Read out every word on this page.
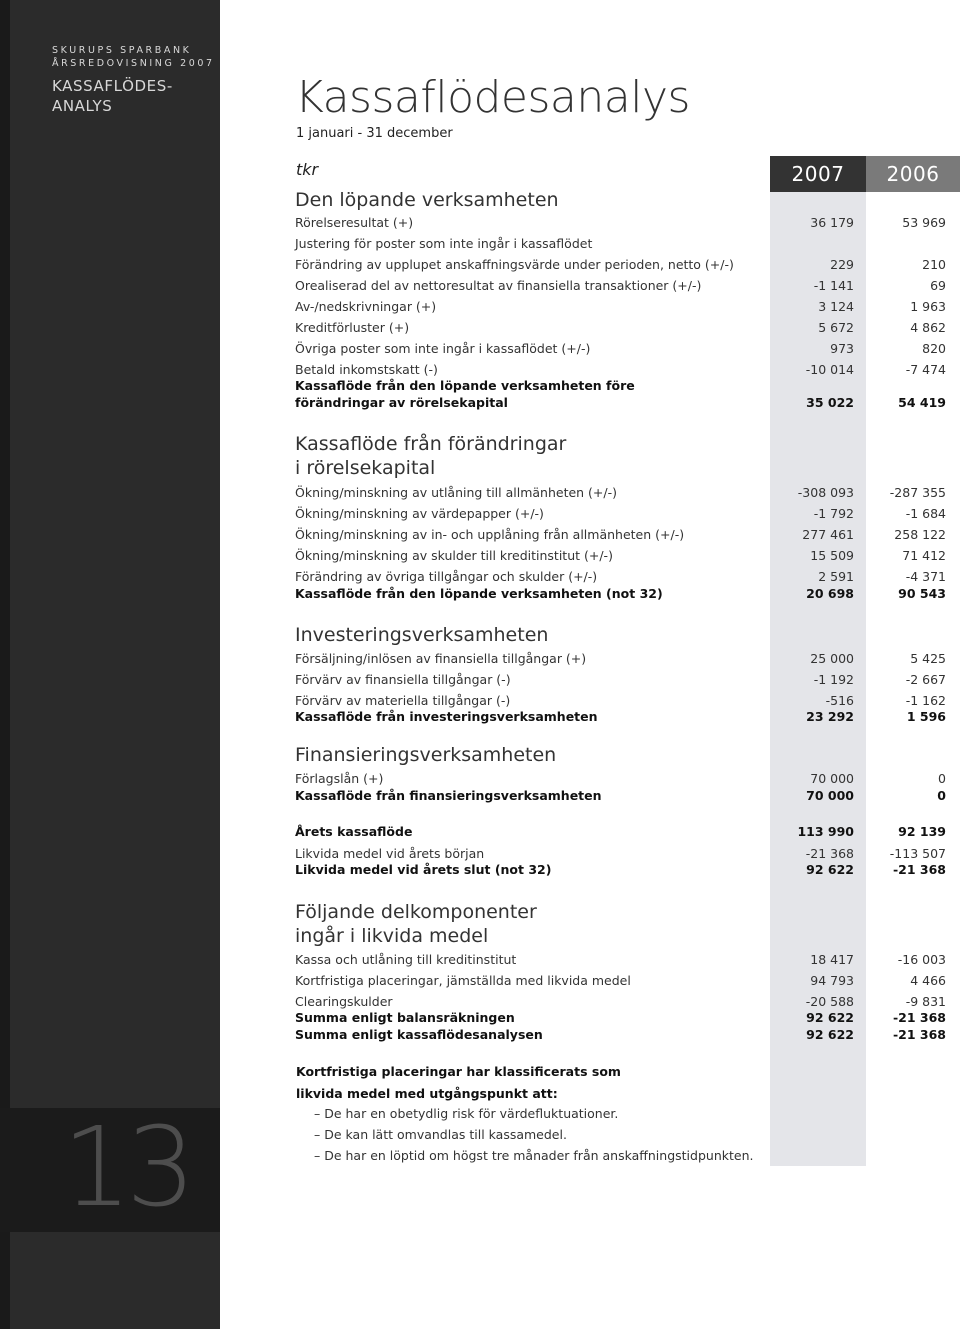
SKURUPS SPARBANK
ÅRSREDOVISNING 2007
KASSAFLÖDES-
ANALYS
13
2007	2006
Kassaflödesanalys
1 januari - 31 december
tkr
Den löpande verksamheten
Rörelseresultat (+)	36 179	53 969
Justering för poster som inte ingår i kassaflödet
Förändring av upplupet anskaffningsvärde under perioden, netto (+/-)	229	210
Orealiserad del av nettoresultat av finansiella transaktioner (+/-)	-1 141	69
Av-/nedskrivningar (+)	3 124	1 963
Kreditförluster (+)	5 672	4 862
Övriga poster som inte ingår i kassaflödet (+/-)	973	820
Betald inkomstskatt (-)	-10 014	-7 474
Kassaflöde från den löpande verksamheten före
förändringar av rörelsekapital	35 022	54 419
Kassaflöde från förändringar
i rörelsekapital
Ökning/minskning av utlåning till allmänheten (+/-)	-308 093	-287 355
Ökning/minskning av värdepapper (+/-)	-1 792	-1 684
Ökning/minskning av in- och upplåning från allmänheten (+/-)	277 461	258 122
Ökning/minskning av skulder till kreditinstitut (+/-)	15 509	71 412
Förändring av övriga tillgångar och skulder (+/-)	2 591	-4 371
Kassaflöde från den löpande verksamheten (not 32)	20 698	90 543
Investeringsverksamheten
Försäljning/inlösen av finansiella tillgångar (+)	25 000	5 425
Förvärv av finansiella tillgångar (-)	-1 192	-2 667
Förvärv av materiella tillgångar (-)	-516	-1 162
Kassaflöde från investeringsverksamheten	23 292	1 596
Finansieringsverksamheten
Förlagslån (+)	70 000	0
Kassaflöde från finansieringsverksamheten	70 000	0
Årets kassaflöde	113 990	92 139
Likvida medel vid årets början	-21 368	-113 507
Likvida medel vid årets slut (not 32)	92 622	-21 368
Följande delkomponenter
ingår i likvida medel
Kassa och utlåning till kreditinstitut	18 417	-16 003
Kortfristiga placeringar, jämställda med likvida medel	94 793	4 466
Clearingskulder	-20 588	-9 831
Summa enligt balansräkningen	92 622	-21 368
Summa enligt kassaflödesanalysen	92 622	-21 368
Kortfristiga placeringar har klassificerats som
likvida medel med utgångspunkt att:
– De har en obetydlig risk för värdefluktuationer.
– De kan lätt omvandlas till kassamedel.
– De har en löptid om högst tre månader från anskaffningstidpunkten.
